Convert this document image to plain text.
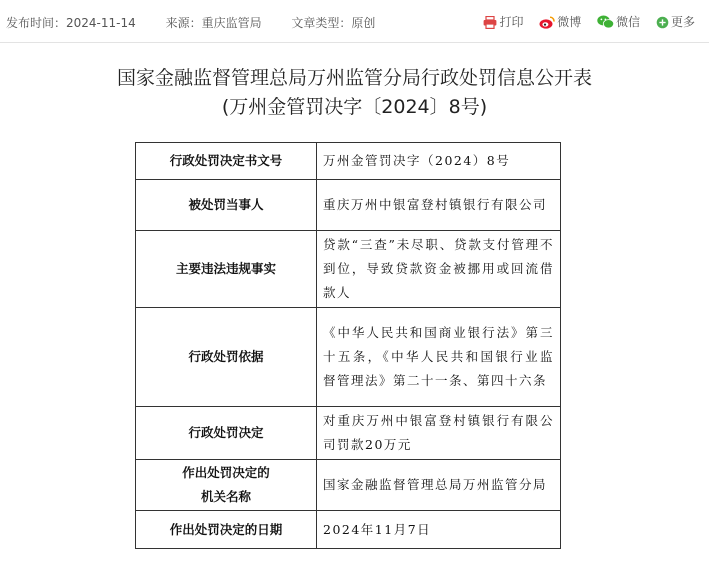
发布时间：2024-11-14 来源：重庆监管局 文章类型：原创	打印	微博	微信	更多
国家金融监督管理总局万州监管分局行政处罚信息公开表
(万州金管罚决字〔2024〕8号)
行政处罚决定书文号	万州金管罚决字（2024）8号
被处罚当事人	重庆万州中银富登村镇银行有限公司
主要违法违规事实	贷款“三查”未尽职、贷款支付管理不到位，导致贷款资金被挪用或回流借款人
行政处罚依据	《中华人民共和国商业银行法》第三十五条，《中华人民共和国银行业监督管理法》第二十一条、第四十六条
行政处罚决定	对重庆万州中银富登村镇银行有限公司罚款20万元

作出处罚决定的
机关名称	国家金融监督管理总局万州监管分局
作出处罚决定的日期	2024年11月7日
